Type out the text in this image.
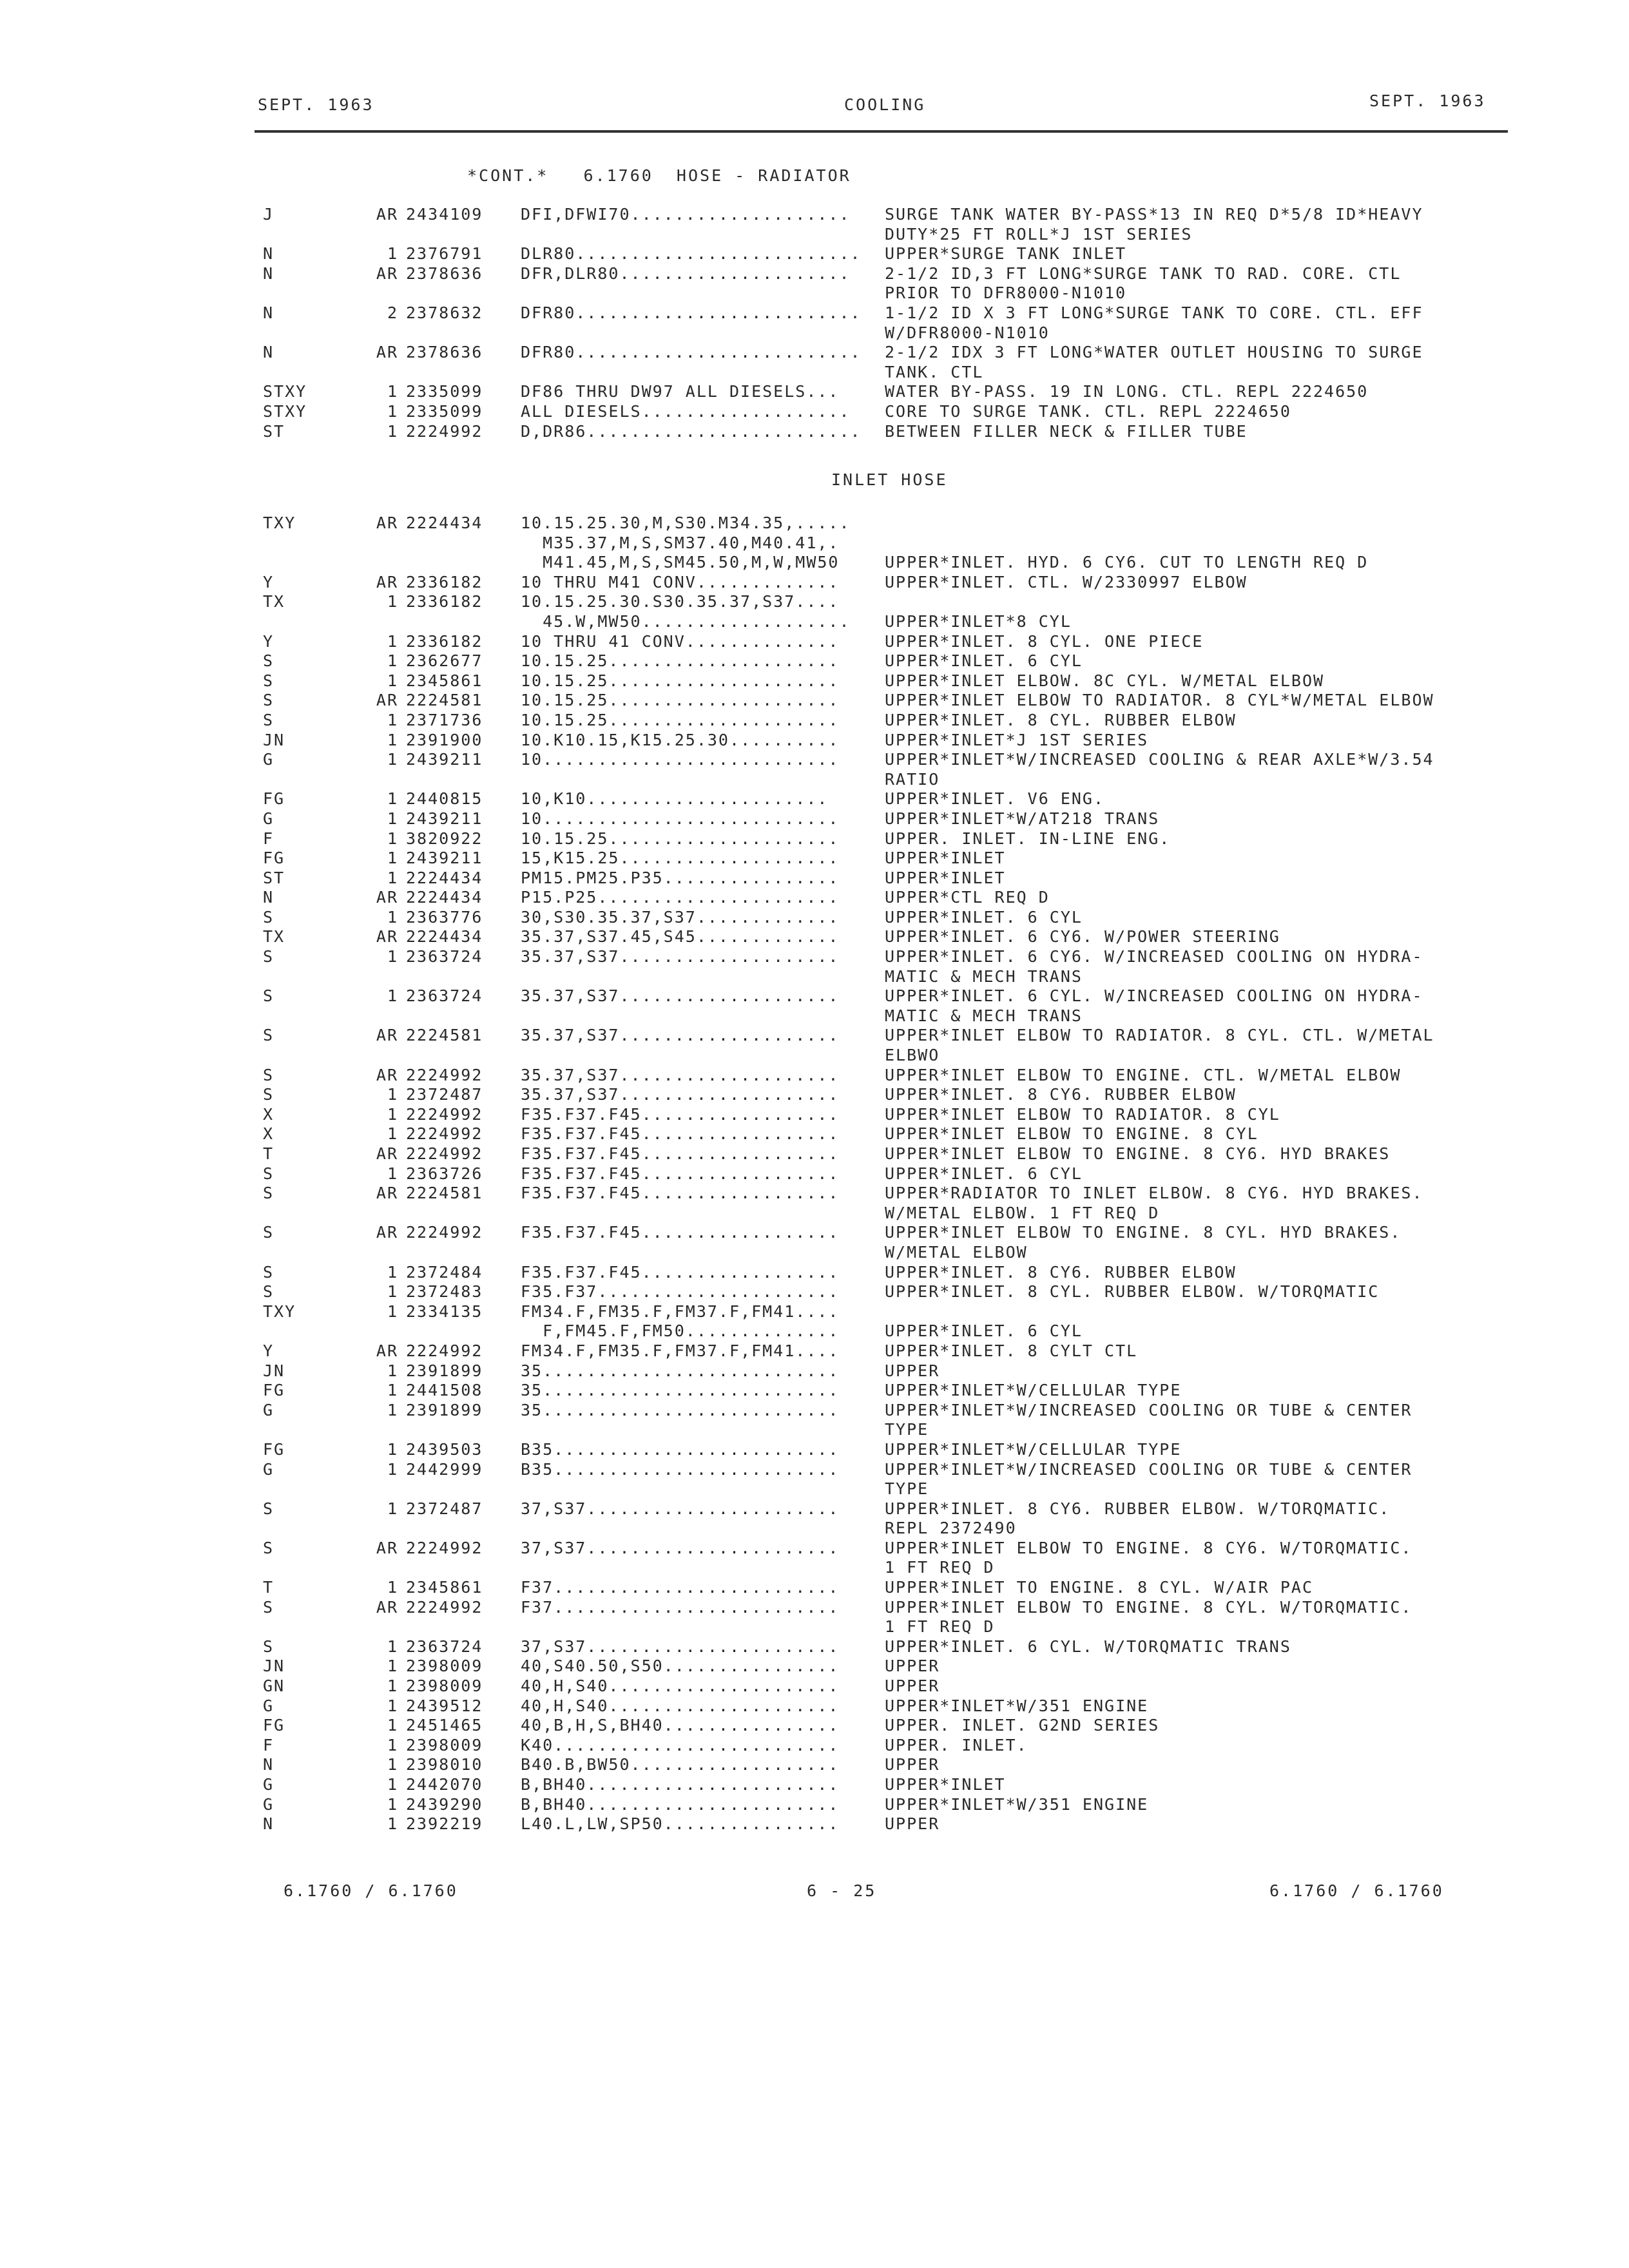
SEPT. 1963	COOLING	SEPT. 1963
*CONT.*   6.1760  HOSE - RADIATOR
J	AR 2434109 DFI,DFWI70.................... SURGE TANK WATER BY-PASS*13 IN REQ D*5/8 ID*HEAVY
DUTY*25 FT ROLL*J 1ST SERIES
N	1 2376791 DLR80.......................... UPPER*SURGE TANK INLET
N	AR 2378636 DFR,DLR80..................... 2-1/2 ID,3 FT LONG*SURGE TANK TO RAD. CORE. CTL
PRIOR TO DFR8000-N1010
N	2 2378632 DFR80.......................... 1-1/2 ID X 3 FT LONG*SURGE TANK TO CORE. CTL. EFF
W/DFR8000-N1010
N	AR 2378636 DFR80.......................... 2-1/2 IDX 3 FT LONG*WATER OUTLET HOUSING TO SURGE
TANK. CTL
STXY	1 2335099 DF86 THRU DW97 ALL DIESELS...	WATER BY-PASS. 19 IN LONG. CTL. REPL 2224650
STXY	1 2335099 ALL DIESELS................... CORE TO SURGE TANK. CTL. REPL 2224650
ST	1 2224992 D,DR86......................... BETWEEN FILLER NECK & FILLER TUBE
INLET HOSE
TXY	AR 2224434 10.15.25.30,M,S30.M34.35,.....
M35.37,M,S,SM37.40,M40.41,.
M41.45,M,S,SM45.50,M,W,MW50	UPPER*INLET. HYD. 6 CY6. CUT TO LENGTH REQ D
Y	AR 2336182 10 THRU M41 CONV.............	UPPER*INLET. CTL. W/2330997 ELBOW
TX	1 2336182 10.15.25.30.S30.35.37,S37....
45.W,MW50................... UPPER*INLET*8 CYL
Y	1 2336182 10 THRU 41 CONV..............	UPPER*INLET. 8 CYL. ONE PIECE
S	1 2362677 10.15.25.....................	UPPER*INLET. 6 CYL
S	1 2345861 10.15.25.....................	UPPER*INLET ELBOW. 8C CYL. W/METAL ELBOW
S	AR 2224581 10.15.25.....................	UPPER*INLET ELBOW TO RADIATOR. 8 CYL*W/METAL ELBOW
S	1 2371736 10.15.25.....................	UPPER*INLET. 8 CYL. RUBBER ELBOW
JN	1 2391900 10.K10.15,K15.25.30..........	UPPER*INLET*J 1ST SERIES
G	1 2439211 10...........................	UPPER*INLET*W/INCREASED COOLING & REAR AXLE*W/3.54
RATIO
FG	1 2440815 10,K10......................	UPPER*INLET. V6 ENG.
G	1 2439211 10...........................	UPPER*INLET*W/AT218 TRANS
F	1 3820922 10.15.25.....................	UPPER. INLET. IN-LINE ENG.
FG	1 2439211 15,K15.25....................	UPPER*INLET
ST	1 2224434 PM15.PM25.P35................	UPPER*INLET
N	AR 2224434 P15.P25......................	UPPER*CTL REQ D
S	1 2363776 30,S30.35.37,S37.............	UPPER*INLET. 6 CYL
TX	AR 2224434 35.37,S37.45,S45.............	UPPER*INLET. 6 CY6. W/POWER STEERING
S	1 2363724 35.37,S37....................	UPPER*INLET. 6 CY6. W/INCREASED COOLING ON HYDRA-
MATIC & MECH TRANS
S	1 2363724 35.37,S37....................	UPPER*INLET. 6 CYL. W/INCREASED COOLING ON HYDRA-
MATIC & MECH TRANS
S	AR 2224581 35.37,S37....................	UPPER*INLET ELBOW TO RADIATOR. 8 CYL. CTL. W/METAL
ELBWO
S	AR 2224992 35.37,S37....................	UPPER*INLET ELBOW TO ENGINE. CTL. W/METAL ELBOW
S	1 2372487 35.37,S37....................	UPPER*INLET. 8 CY6. RUBBER ELBOW
X	1 2224992 F35.F37.F45..................	UPPER*INLET ELBOW TO RADIATOR. 8 CYL
X	1 2224992 F35.F37.F45..................	UPPER*INLET ELBOW TO ENGINE. 8 CYL
T	AR 2224992 F35.F37.F45..................	UPPER*INLET ELBOW TO ENGINE. 8 CY6. HYD BRAKES
S	1 2363726 F35.F37.F45..................	UPPER*INLET. 6 CYL
S	AR 2224581 F35.F37.F45..................	UPPER*RADIATOR TO INLET ELBOW. 8 CY6. HYD BRAKES.
W/METAL ELBOW. 1 FT REQ D
S	AR 2224992 F35.F37.F45..................	UPPER*INLET ELBOW TO ENGINE. 8 CYL. HYD BRAKES.
W/METAL ELBOW
S	1 2372484 F35.F37.F45..................	UPPER*INLET. 8 CY6. RUBBER ELBOW
S	1 2372483 F35.F37......................	UPPER*INLET. 8 CYL. RUBBER ELBOW. W/TORQMATIC
TXY	1 2334135 FM34.F,FM35.F,FM37.F,FM41....
F,FM45.F,FM50..............	UPPER*INLET. 6 CYL
Y	AR 2224992 FM34.F,FM35.F,FM37.F,FM41....	UPPER*INLET. 8 CYLT CTL
JN	1 2391899 35...........................	UPPER
FG	1 2441508 35...........................	UPPER*INLET*W/CELLULAR TYPE
G	1 2391899 35...........................	UPPER*INLET*W/INCREASED COOLING OR TUBE & CENTER
TYPE
FG	1 2439503 B35..........................	UPPER*INLET*W/CELLULAR TYPE
G	1 2442999 B35..........................	UPPER*INLET*W/INCREASED COOLING OR TUBE & CENTER
TYPE
S	1 2372487 37,S37.......................	UPPER*INLET. 8 CY6. RUBBER ELBOW. W/TORQMATIC.
REPL 2372490
S	AR 2224992 37,S37.......................	UPPER*INLET ELBOW TO ENGINE. 8 CY6. W/TORQMATIC.
1 FT REQ D
T	1 2345861 F37..........................	UPPER*INLET TO ENGINE. 8 CYL. W/AIR PAC
S	AR 2224992 F37..........................	UPPER*INLET ELBOW TO ENGINE. 8 CYL. W/TORQMATIC.
1 FT REQ D
S	1 2363724 37,S37.......................	UPPER*INLET. 6 CYL. W/TORQMATIC TRANS
JN	1 2398009 40,S40.50,S50................	UPPER
GN	1 2398009 40,H,S40.....................	UPPER
G	1 2439512 40,H,S40.....................	UPPER*INLET*W/351 ENGINE
FG	1 2451465 40,B,H,S,BH40................	UPPER. INLET. G2ND SERIES
F	1 2398009 K40..........................	UPPER. INLET.
N	1 2398010 B40.B,BW50...................	UPPER
G	1 2442070 B,BH40.......................	UPPER*INLET
G	1 2439290 B,BH40.......................	UPPER*INLET*W/351 ENGINE
N	1 2392219 L40.L,LW,SP50................	UPPER
6.1760 / 6.1760	6 - 25	6.1760 / 6.1760
